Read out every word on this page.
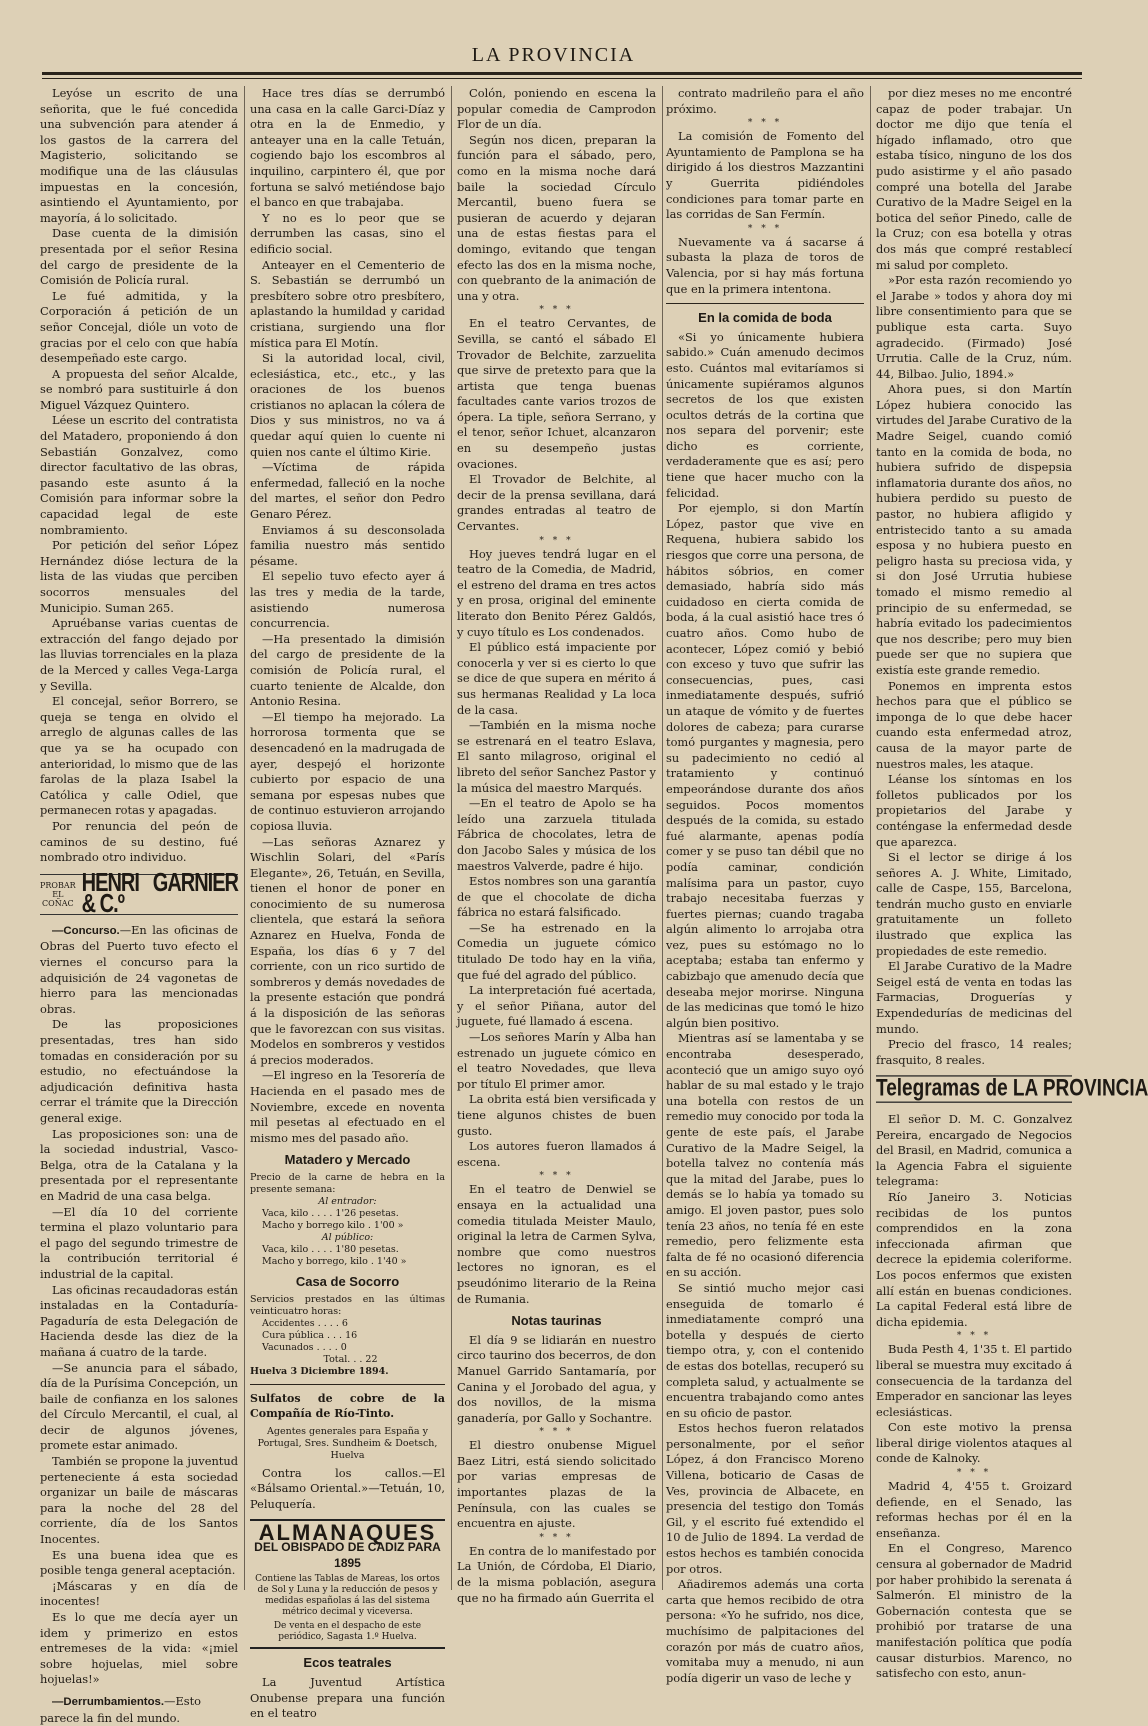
LA PROVINCIA

Leyóse un escrito de una señorita, que le fué concedida una subvención para atender á los gastos de la carrera del Magisterio, solicitando se modifique una de las cláusulas impuestas en la concesión, asintiendo el Ayuntamiento, por mayoría, á lo solicitado.

Dase cuenta de la dimisión presentada por el señor Resina del cargo de presidente de la Comisión de Policía rural.

Le fué admitida, y la Corporación á petición de un señor Concejal, dióle un voto de gracias por el celo con que había desempeñado este cargo.

A propuesta del señor Alcalde, se nombró para sustituirle á don Miguel Vázquez Quintero.

Léese un escrito del contratista del Matadero, proponiendo á don Sebastián Gonzalvez, como director facultativo de las obras, pasando este asunto á la Comisión para informar sobre la capacidad legal de este nombramiento.

Por petición del señor López Hernández dióse lectura de la lista de las viudas que perciben socorros mensuales del Municipio. Suman 265.

Apruébanse varias cuentas de extracción del fango dejado por las lluvias torrenciales en la plaza de la Merced y calles Vega-Larga y Sevilla.

El concejal, señor Borrero, se queja se tenga en olvido el arreglo de algunas calles de las que ya se ha ocupado con anterioridad, lo mismo que de las farolas de la plaza Isabel la Católica y calle Odiel, que permanecen rotas y apagadas.

Por renuncia del peón de caminos de su destino, fué nombrado otro individuo.

PROBAR EL COÑAC
HENRI GARNIER & C.º

—Concurso.—En las oficinas de Obras del Puerto tuvo efecto el viernes el concurso para la adquisición de 24 vagonetas de hierro para las mencionadas obras.

De las proposiciones presentadas, tres han sido tomadas en consideración por su estudio, no efectuándose la adjudicación definitiva hasta cerrar el trámite que la Dirección general exige.

Las proposiciones son: una de la sociedad industrial, Vasco-Belga, otra de la Catalana y la presentada por el representante en Madrid de una casa belga.

—El día 10 del corriente termina el plazo voluntario para el pago del segundo trimestre de la contribución territorial é industrial de la capital.

Las oficinas recaudadoras están instaladas en la Contaduría-Pagaduría de esta Delegación de Hacienda desde las diez de la mañana á cuatro de la tarde.

—Se anuncia para el sábado, día de la Purísima Concepción, un baile de confianza en los salones del Círculo Mercantil, el cual, al decir de algunos jóvenes, promete estar animado.

También se propone la juventud perteneciente á esta sociedad organizar un baile de máscaras para la noche del 28 del corriente, día de los Santos Inocentes.

Es una buena idea que es posible tenga general aceptación.

¡Máscaras y en día de inocentes!

Es lo que me decía ayer un idem y primerizo en estos entremeses de la vida: «¡miel sobre hojuelas, miel sobre hojuelas!»

—Derrumbamientos.—Esto parece la fin del mundo.

Hace tres días se derrumbó una casa en la calle Garci-Díaz y otra en la de Enmedio, y anteayer una en la calle Tetuán, cogiendo bajo los escombros al inquilino, carpintero él, que por fortuna se salvó metiéndose bajo el banco en que trabajaba.

Y no es lo peor que se derrumben las casas, sino el edificio social.

Anteayer en el Cementerio de S. Sebastián se derrumbó un presbítero sobre otro presbítero, aplastando la humildad y caridad cristiana, surgiendo una flor mística para El Motín.

Si la autoridad local, civil, eclesiástica, etc., etc., y las oraciones de los buenos cristianos no aplacan la cólera de Dios y sus ministros, no va á quedar aquí quien lo cuente ni quien nos cante el último Kirie.

—Víctima de rápida enfermedad, falleció en la noche del martes, el señor don Pedro Genaro Pérez.

Enviamos á su desconsolada familia nuestro más sentido pésame.

El sepelio tuvo efecto ayer á las tres y media de la tarde, asistiendo numerosa concurrencia.

—Ha presentado la dimisión del cargo de presidente de la comisión de Policía rural, el cuarto teniente de Alcalde, don Antonio Resina.

—El tiempo ha mejorado. La horrorosa tormenta que se desencadenó en la madrugada de ayer, despejó el horizonte cubierto por espacio de una semana por espesas nubes que de continuo estuvieron arrojando copiosa lluvia.

—Las señoras Aznarez y Wischlin Solari, del «París Elegante», 26, Tetuán, en Sevilla, tienen el honor de poner en conocimiento de su numerosa clientela, que estará la señora Aznarez en Huelva, Fonda de España, los días 6 y 7 del corriente, con un rico surtido de sombreros y demás novedades de la presente estación que pondrá á la disposición de las señoras que le favorezcan con sus visitas. Modelos en sombreros y vestidos á precios moderados.

—El ingreso en la Tesorería de Hacienda en el pasado mes de Noviembre, excede en noventa mil pesetas al efectuado en el mismo mes del pasado año.

Matadero y Mercado
Precio de la carne de hebra en la presente semana:
Al entrador:
Vaca, kilo . . . . 1'26 pesetas.
Macho y borrego kilo . 1'00 »
Al público:
Vaca, kilo . . . . 1'80 pesetas.
Macho y borrego, kilo . 1'40 »
Casa de Socorro
Servicios prestados en las últimas veinticuatro horas:
Accidentes . . . . 6
Cura pública . . . 16
Vacunados . . . . 0
Total. . . 22
Huelva 3 Diciembre 1894.
Sulfatos de cobre de la Compañía de Río-Tinto.
Agentes generales para España y Portugal, Sres. Sundheim & Doetsch, Huelva

Contra los callos.—El «Bálsamo Oriental.»—Tetuán, 10, Peluquería.

ALMANAQUES
DEL OBISPADO DE CADIZ PARA 1895
Contiene las Tablas de Mareas, los ortos de Sol y Luna y la reducción de pesos y medidas españolas á las del sistema métrico decimal y viceversa.
De venta en el despacho de este periódico, Sagasta 1.º Huelva.
Ecos teatrales

La Juventud Artística Onubense prepara una función en el teatro

Colón, poniendo en escena la popular comedia de Camprodon Flor de un día.

Según nos dicen, preparan la función para el sábado, pero, como en la misma noche dará baile la sociedad Círculo Mercantil, bueno fuera se pusieran de acuerdo y dejaran una de estas fiestas para el domingo, evitando que tengan efecto las dos en la misma noche, con quebranto de la animación de una y otra.

* * *

En el teatro Cervantes, de Sevilla, se cantó el sábado El Trovador de Belchite, zarzuelita que sirve de pretexto para que la artista que tenga buenas facultades cante varios trozos de ópera. La tiple, señora Serrano, y el tenor, señor Ichuet, alcanzaron en su desempeño justas ovaciones.

El Trovador de Belchite, al decir de la prensa sevillana, dará grandes entradas al teatro de Cervantes.

* * *

Hoy jueves tendrá lugar en el teatro de la Comedia, de Madrid, el estreno del drama en tres actos y en prosa, original del eminente literato don Benito Pérez Galdós, y cuyo título es Los condenados.

El público está impaciente por conocerla y ver si es cierto lo que se dice de que supera en mérito á sus hermanas Realidad y La loca de la casa.

—También en la misma noche se estrenará en el teatro Eslava, El santo milagroso, original el libreto del señor Sanchez Pastor y la música del maestro Marqués.

—En el teatro de Apolo se ha leído una zarzuela titulada Fábrica de chocolates, letra de don Jacobo Sales y música de los maestros Valverde, padre é hijo.

Estos nombres son una garantía de que el chocolate de dicha fábrica no estará falsificado.

—Se ha estrenado en la Comedia un juguete cómico titulado De todo hay en la viña, que fué del agrado del público.

La interpretación fué acertada, y el señor Piñana, autor del juguete, fué llamado á escena.

—Los señores Marín y Alba han estrenado un juguete cómico en el teatro Novedades, que lleva por título El primer amor.

La obrita está bien versificada y tiene algunos chistes de buen gusto.

Los autores fueron llamados á escena.

* * *

En el teatro de Denwiel se ensaya en la actualidad una comedia titulada Meister Maulo, original la letra de Carmen Sylva, nombre que como nuestros lectores no ignoran, es el pseudónimo literario de la Reina de Rumania.

Notas taurinas

El día 9 se lidiarán en nuestro circo taurino dos becerros, de don Manuel Garrido Santamaría, por Canina y el Jorobado del agua, y dos novillos, de la misma ganadería, por Gallo y Sochantre.

* * *

El diestro onubense Miguel Baez Litri, está siendo solicitado por varias empresas de importantes plazas de la Península, con las cuales se encuentra en ajuste.

* * *

En contra de lo manifestado por La Unión, de Córdoba, El Diario, de la misma población, asegura que no ha firmado aún Guerrita el

contrato madrileño para el año próximo.

* * *

La comisión de Fomento del Ayuntamiento de Pamplona se ha dirigido á los diestros Mazzantini y Guerrita pidiéndoles condiciones para tomar parte en las corridas de San Fermín.

* * *

Nuevamente va á sacarse á subasta la plaza de toros de Valencia, por si hay más fortuna que en la primera intentona.

En la comida de boda

«Si yo únicamente hubiera sabido.» Cuán amenudo decimos esto. Cuántos mal evitaríamos si únicamente supiéramos algunos secretos de los que existen ocultos detrás de la cortina que nos separa del porvenir; este dicho es corriente, verdaderamente que es así; pero tiene que hacer mucho con la felicidad.

Por ejemplo, si don Martín López, pastor que vive en Requena, hubiera sabido los riesgos que corre una persona, de hábitos sóbrios, en comer demasiado, habría sido más cuidadoso en cierta comida de boda, á la cual asistió hace tres ó cuatro años. Como hubo de acontecer, López comió y bebió con exceso y tuvo que sufrir las consecuencias, pues, casi inmediatamente después, sufrió un ataque de vómito y de fuertes dolores de cabeza; para curarse tomó purgantes y magnesia, pero su padecimiento no cedió al tratamiento y continuó empeorándose durante dos años seguidos. Pocos momentos después de la comida, su estado fué alarmante, apenas podía comer y se puso tan débil que no podía caminar, condición malísima para un pastor, cuyo trabajo necesitaba fuerzas y fuertes piernas; cuando tragaba algún alimento lo arrojaba otra vez, pues su estómago no lo aceptaba; estaba tan enfermo y cabizbajo que amenudo decía que deseaba mejor morirse. Ninguna de las medicinas que tomó le hizo algún bien positivo.

Mientras así se lamentaba y se encontraba desesperado, aconteció que un amigo suyo oyó hablar de su mal estado y le trajo una botella con restos de un remedio muy conocido por toda la gente de este país, el Jarabe Curativo de la Madre Seigel, la botella talvez no contenía más que la mitad del Jarabe, pues lo demás se lo había ya tomado su amigo. El joven pastor, pues solo tenía 23 años, no tenía fé en este remedio, pero felizmente esta falta de fé no ocasionó diferencia en su acción.

Se sintió mucho mejor casi enseguida de tomarlo é inmediatamente compró una botella y después de cierto tiempo otra, y, con el contenido de estas dos botellas, recuperó su completa salud, y actualmente se encuentra trabajando como antes en su oficio de pastor.

Estos hechos fueron relatados personalmente, por el señor López, á don Francisco Moreno Villena, boticario de Casas de Ves, provincia de Albacete, en presencia del testigo don Tomás Gil, y el escrito fué extendido el 10 de Julio de 1894. La verdad de estos hechos es también conocida por otros.

Añadiremos además una corta carta que hemos recibido de otra persona: «Yo he sufrido, nos dice, muchísimo de palpitaciones del corazón por más de cuatro años, vomitaba muy a menudo, ni aun podía digerir un vaso de leche y

por diez meses no me encontré capaz de poder trabajar. Un doctor me dijo que tenía el hígado inflamado, otro que estaba tísico, ninguno de los dos pudo asistirme y el año pasado compré una botella del Jarabe Curativo de la Madre Seigel en la botica del señor Pinedo, calle de la Cruz; con esa botella y otras dos más que compré restablecí mi salud por completo.

»Por esta razón recomiendo yo el Jarabe » todos y ahora doy mi libre consentimiento para que se publique esta carta. Suyo agradecido. (Firmado) José Urrutia. Calle de la Cruz, núm. 44, Bilbao. Julio, 1894.»

Ahora pues, si don Martín López hubiera conocido las virtudes del Jarabe Curativo de la Madre Seigel, cuando comió tanto en la comida de boda, no hubiera sufrido de dispepsia inflamatoria durante dos años, no hubiera perdido su puesto de pastor, no hubiera afligido y entristecido tanto a su amada esposa y no hubiera puesto en peligro hasta su preciosa vida, y si don José Urrutia hubiese tomado el mismo remedio al principio de su enfermedad, se habría evitado los padecimientos que nos describe; pero muy bien puede ser que no supiera que existía este grande remedio.

Ponemos en imprenta estos hechos para que el público se imponga de lo que debe hacer cuando esta enfermedad atroz, causa de la mayor parte de nuestros males, les ataque.

Léanse los síntomas en los folletos publicados por los propietarios del Jarabe y conténgase la enfermedad desde que aparezca.

Si el lector se dirige á los señores A. J. White, Limitado, calle de Caspe, 155, Barcelona, tendrán mucho gusto en enviarle gratuitamente un folleto ilustrado que explica las propiedades de este remedio.

El Jarabe Curativo de la Madre Seigel está de venta en todas las Farmacias, Droguerías y Expendedurías de medicinas del mundo.

Precio del frasco, 14 reales; frasquito, 8 reales.

Telegramas de LA PROVINCIA

El señor D. M. C. Gonzalvez Pereira, encargado de Negocios del Brasil, en Madrid, comunica a la Agencia Fabra el siguiente telegrama:

Río Janeiro 3. Noticias recibidas de los puntos comprendidos en la zona infeccionada afirman que decrece la epidemia coleriforme. Los pocos enfermos que existen allí están en buenas condiciones. La capital Federal está libre de dicha epidemia.

* * *

Buda Pesth 4, 1'35 t. El partido liberal se muestra muy excitado á consecuencia de la tardanza del Emperador en sancionar las leyes eclesiásticas.

Con este motivo la prensa liberal dirige violentos ataques al conde de Kalnoky.

* * *

Madrid 4, 4'55 t. Groizard defiende, en el Senado, las reformas hechas por él en la enseñanza.

En el Congreso, Marenco censura al gobernador de Madrid por haber prohibido la serenata á Salmerón. El ministro de la Gobernación contesta que se prohibió por tratarse de una manifestación política que podía causar disturbios. Marenco, no satisfecho con esto, anun-
